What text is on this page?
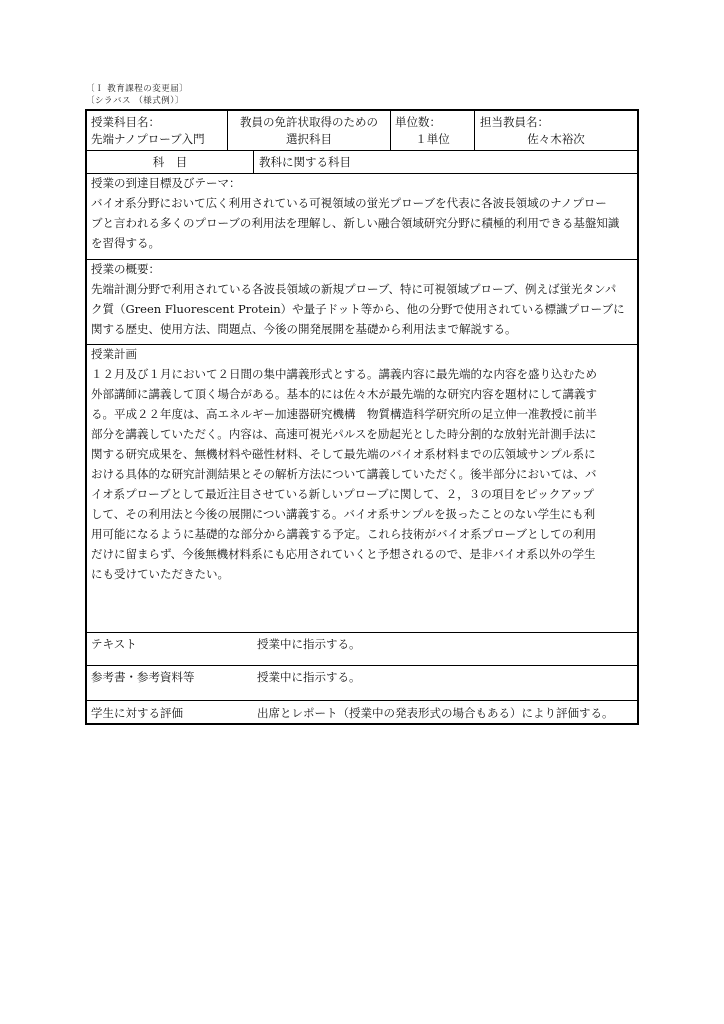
〔Ｉ 教育課程の変更届〕
〔シラバス （様式例）〕
授業科目名：
先端ナノプローブ入門
教員の免許状取得のための
選択科目
単位数：
１単位
担当教員名：
佐々木裕次
科　目	教科に関する科目
授業の到達目標及びテーマ：
バイオ系分野において広く利用されている可視領域の蛍光プローブを代表に各波長領域のナノプロー
ブと言われる多くのプローブの利用法を理解し、新しい融合領域研究分野に積極的利用できる基盤知識
を習得する。
授業の概要：
先端計測分野で利用されている各波長領域の新規プローブ、特に可視領域プローブ、例えば蛍光タンパ
ク質（Green Fluorescent Protein）や量子ドット等から、他の分野で使用されている標識プローブに
関する歴史、使用方法、問題点、今後の開発展開を基礎から利用法まで解説する。
授業計画
１２月及び１月において２日間の集中講義形式とする。講義内容に最先端的な内容を盛り込むため
外部講師に講義して頂く場合がある。基本的には佐々木が最先端的な研究内容を題材にして講義す
る。平成２２年度は、高エネルギー加速器研究機構　物質構造科学研究所の足立伸一准教授に前半
部分を講義していただく。内容は、高速可視光パルスを励起光とした時分割的な放射光計測手法に
関する研究成果を、無機材料や磁性材料、そして最先端のバイオ系材料までの広領域サンプル系に
おける具体的な研究計測結果とその解析方法について講義していただく。後半部分においては、バ
イオ系プローブとして最近注目させている新しいプローブに関して、２，３の項目をピックアップ
して、その利用法と今後の展開につい講義する。バイオ系サンプルを扱ったことのない学生にも利
用可能になるように基礎的な部分から講義する予定。これら技術がバイオ系プローブとしての利用
だけに留まらず、今後無機材料系にも応用されていくと予想されるので、是非バイオ系以外の学生
にも受けていただきたい。
テキスト	授業中に指示する。
参考書・参考資料等	授業中に指示する。
学生に対する評価	出席とレポート（授業中の発表形式の場合もある）により評価する。
